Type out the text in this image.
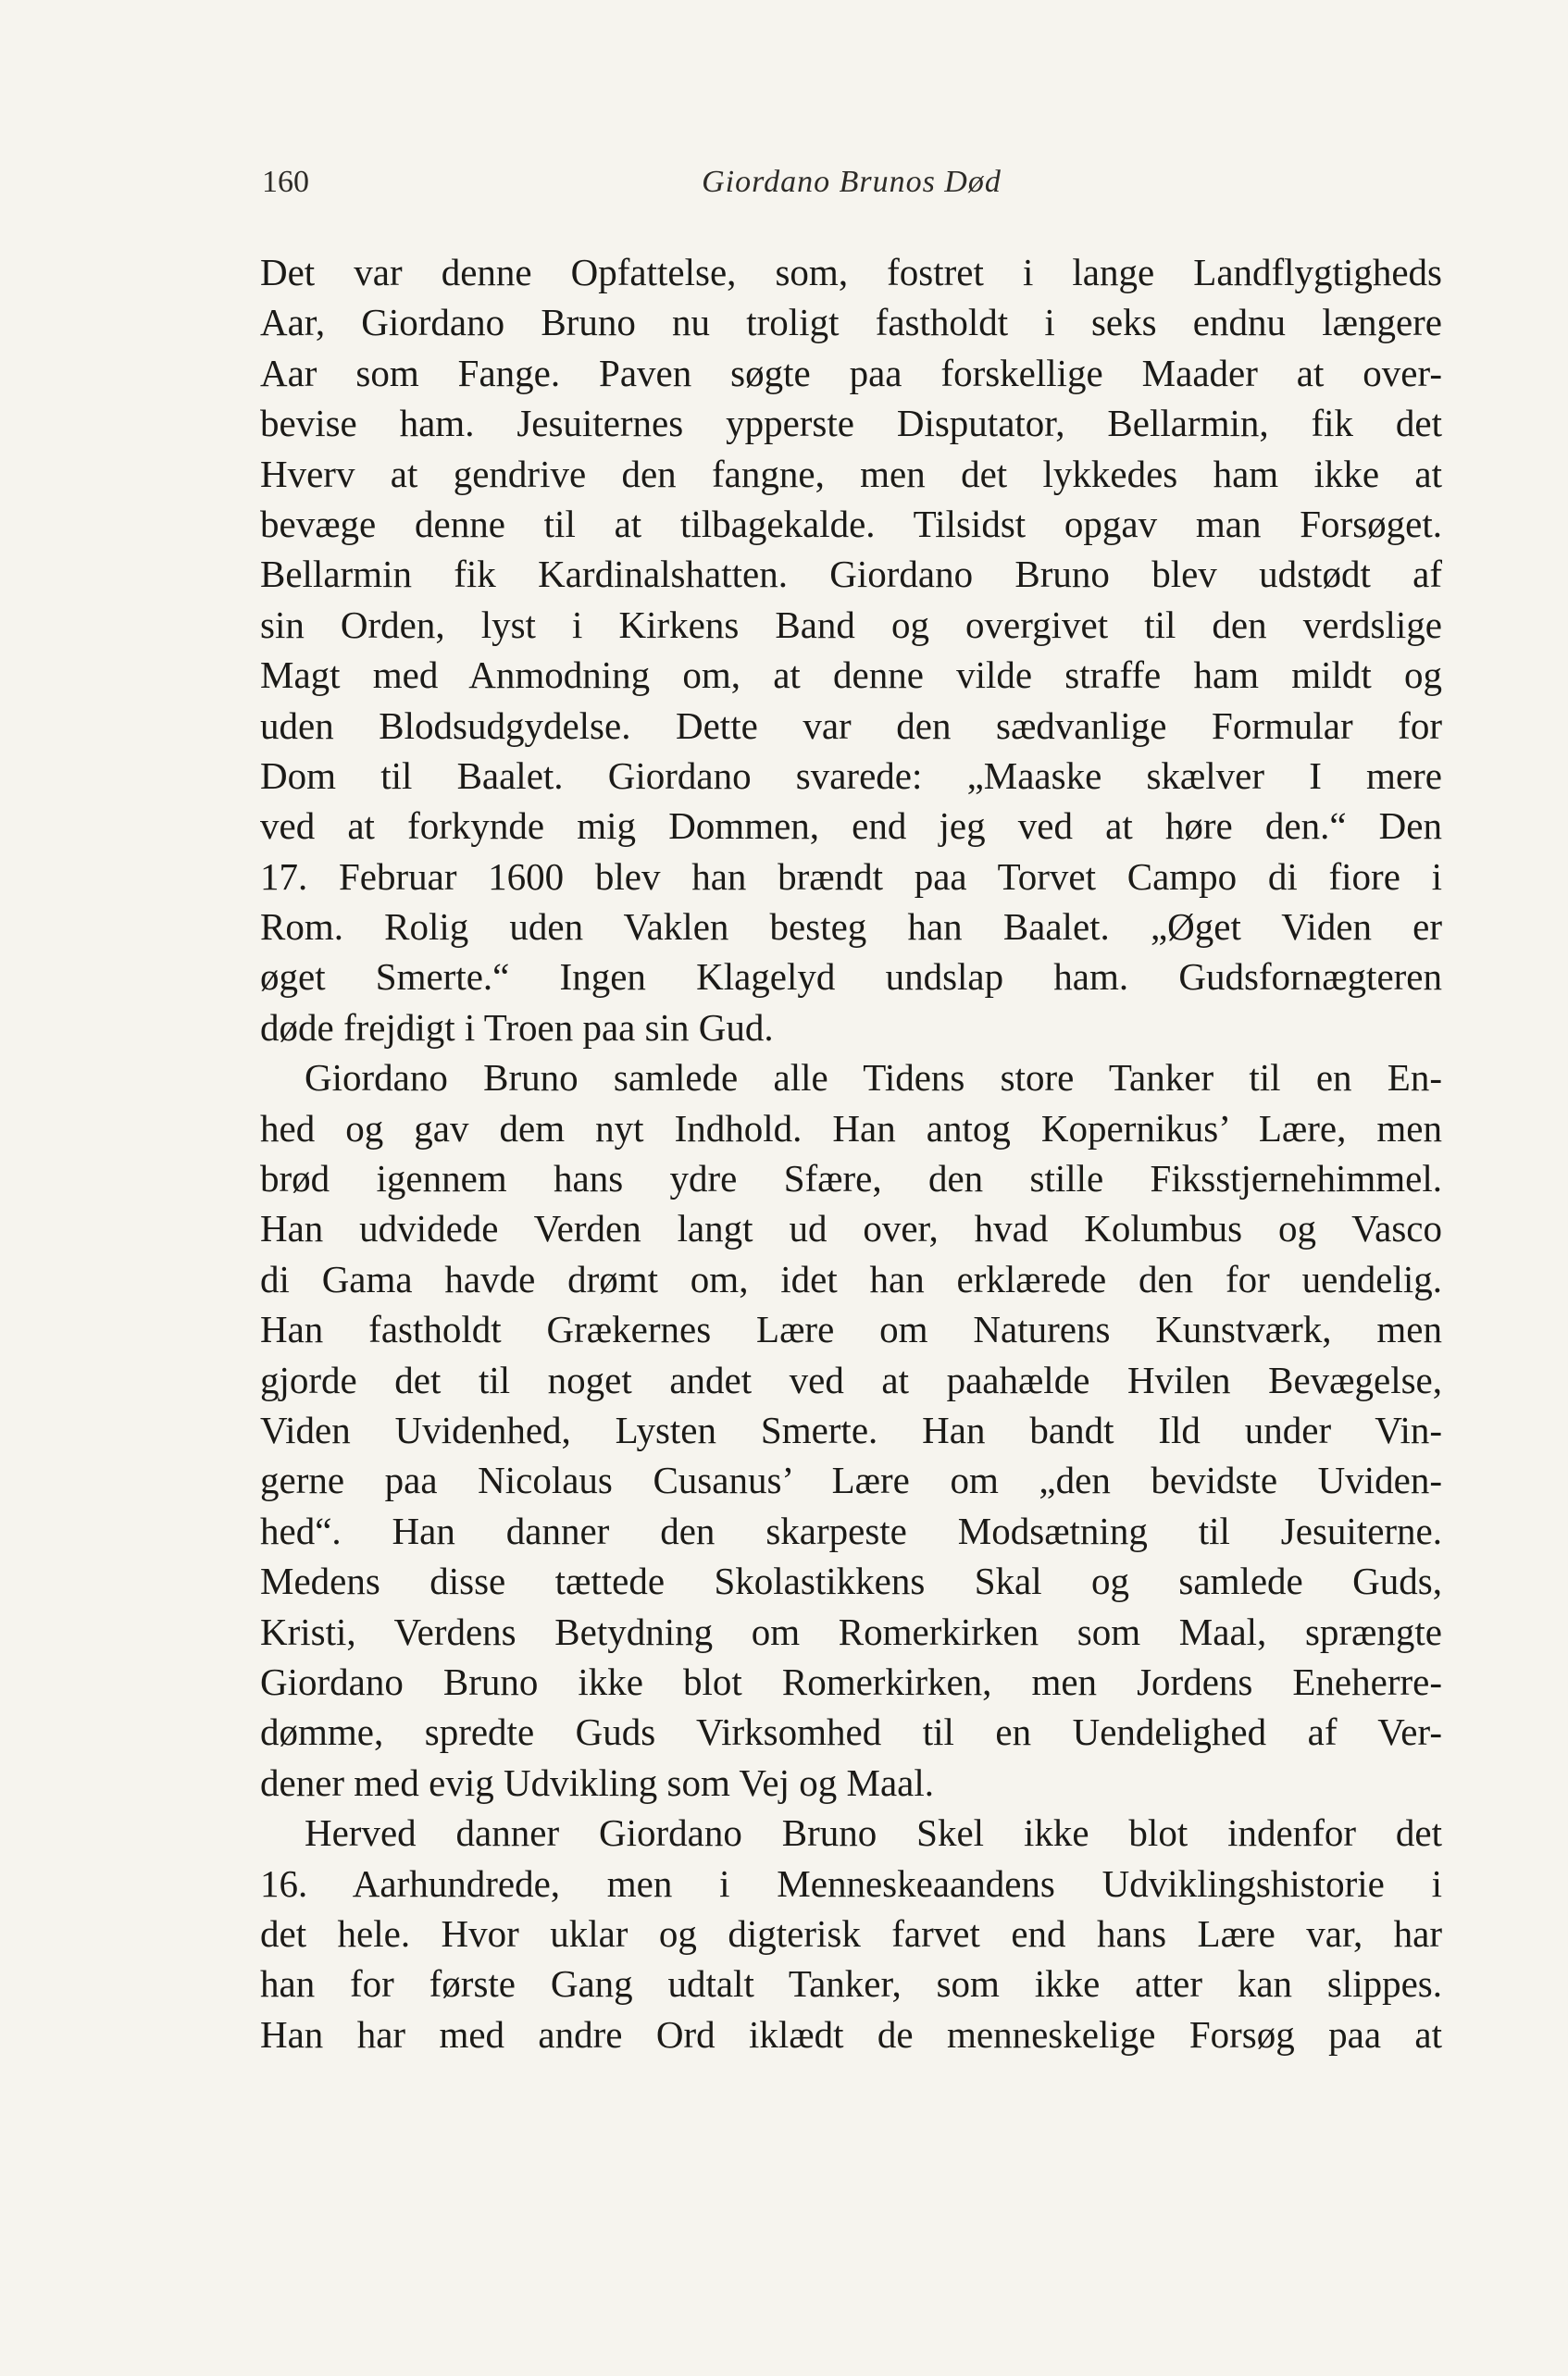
160	Giordano Brunos Død
Det var denne Opfattelse, som, fostret i lange Landflygtigheds
Aar, Giordano Bruno nu troligt fastholdt i seks endnu længere
Aar som Fange. Paven søgte paa forskellige Maader at over-
bevise ham. Jesuiternes ypperste Disputator, Bellarmin, fik det
Hverv at gendrive den fangne, men det lykkedes ham ikke at
bevæge denne til at tilbagekalde. Tilsidst opgav man Forsøget.
Bellarmin fik Kardinalshatten. Giordano Bruno blev udstødt af
sin Orden, lyst i Kirkens Band og overgivet til den verdslige
Magt med Anmodning om, at denne vilde straffe ham mildt og
uden Blodsudgydelse. Dette var den sædvanlige Formular for
Dom til Baalet. Giordano svarede: „Maaske skælver I mere
ved at forkynde mig Dommen, end jeg ved at høre den.“ Den
17. Februar 1600 blev han brændt paa Torvet Campo di fiore i
Rom. Rolig uden Vaklen besteg han Baalet. „Øget Viden er
øget Smerte.“ Ingen Klagelyd undslap ham. Gudsfornægteren
døde frejdigt i Troen paa sin Gud.
Giordano Bruno samlede alle Tidens store Tanker til en En-
hed og gav dem nyt Indhold. Han antog Kopernikus’ Lære, men
brød igennem hans ydre Sfære, den stille Fiksstjernehimmel.
Han udvidede Verden langt ud over, hvad Kolumbus og Vasco
di Gama havde drømt om, idet han erklærede den for uendelig.
Han fastholdt Grækernes Lære om Naturens Kunstværk, men
gjorde det til noget andet ved at paahælde Hvilen Bevægelse,
Viden Uvidenhed, Lysten Smerte. Han bandt Ild under Vin-
gerne paa Nicolaus Cusanus’ Lære om „den bevidste Uviden-
hed“. Han danner den skarpeste Modsætning til Jesuiterne.
Medens disse tættede Skolastikkens Skal og samlede Guds,
Kristi, Verdens Betydning om Romerkirken som Maal, sprængte
Giordano Bruno ikke blot Romerkirken, men Jordens Eneherre-
dømme, spredte Guds Virksomhed til en Uendelighed af Ver-
dener med evig Udvikling som Vej og Maal.
Herved danner Giordano Bruno Skel ikke blot indenfor det
16. Aarhundrede, men i Menneskeaandens Udviklingshistorie i
det hele. Hvor uklar og digterisk farvet end hans Lære var, har
han for første Gang udtalt Tanker, som ikke atter kan slippes.
Han har med andre Ord iklædt de menneskelige Forsøg paa at
